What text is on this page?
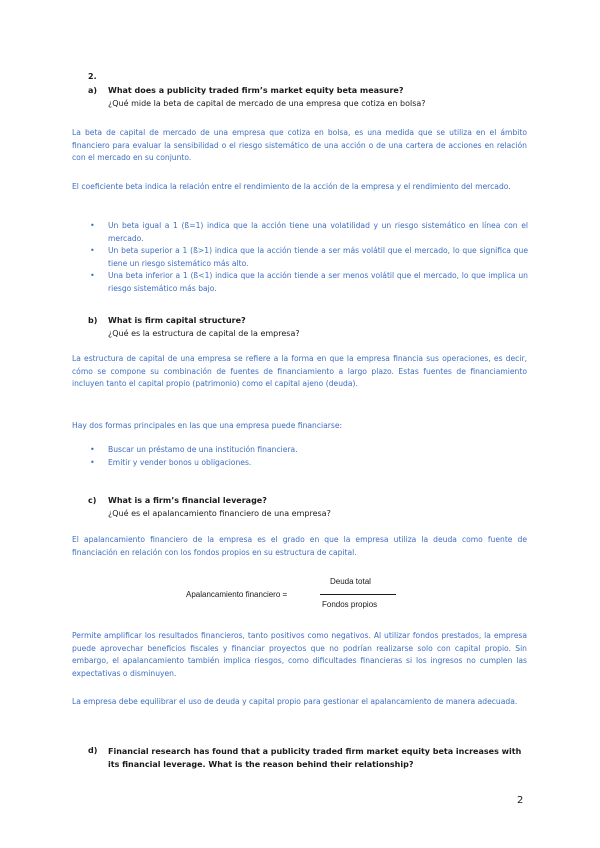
2.
a) What does a publicity traded firm’s market equity beta measure?
¿Qué mide la beta de capital de mercado de una empresa que cotiza en bolsa?
La beta de capital de mercado de una empresa que cotiza en bolsa, es una medida que se utiliza en el ámbito financiero para evaluar la sensibilidad o el riesgo sistemático de una acción o de una cartera de acciones en relación con el mercado en su conjunto.
El coeficiente beta indica la relación entre el rendimiento de la acción de la empresa y el rendimiento del mercado.
• Un beta igual a 1 (ß=1) indica que la acción tiene una volatilidad y un riesgo sistemático en línea con el mercado.
• Un beta superior a 1 (ß>1) indica que la acción tiende a ser más volátil que el mercado, lo que significa que tiene un riesgo sistemático más alto.
• Una beta inferior a 1 (ß<1) indica que la acción tiende a ser menos volátil que el mercado, lo que implica un riesgo sistemático más bajo.
b) What is firm capital structure?
¿Qué es la estructura de capital de la empresa?
La estructura de capital de una empresa se refiere a la forma en que la empresa financia sus operaciones, es decir, cómo se compone su combinación de fuentes de financiamiento a largo plazo. Estas fuentes de financiamiento incluyen tanto el capital propio (patrimonio) como el capital ajeno (deuda).
Hay dos formas principales en las que una empresa puede financiarse:
• Buscar un préstamo de una institución financiera.
• Emitir y vender bonos u obligaciones.
c) What is a firm’s financial leverage?
¿Qué es el apalancamiento financiero de una empresa?
El apalancamiento financiero de la empresa es el grado en que la empresa utiliza la deuda como fuente de financiación en relación con los fondos propios en su estructura de capital.
Apalancamiento financiero =
Deuda total
Fondos propios
Permite amplificar los resultados financieros, tanto positivos como negativos. Al utilizar fondos prestados, la empresa puede aprovechar beneficios fiscales y financiar proyectos que no podrían realizarse solo con capital propio. Sin embargo, el apalancamiento también implica riesgos, como dificultades financieras si los ingresos no cumplen las expectativas o disminuyen.
La empresa debe equilibrar el uso de deuda y capital propio para gestionar el apalancamiento de manera adecuada.
d) Financial research has found that a publicity traded firm market equity beta increases with its financial leverage. What is the reason behind their relationship?
2
